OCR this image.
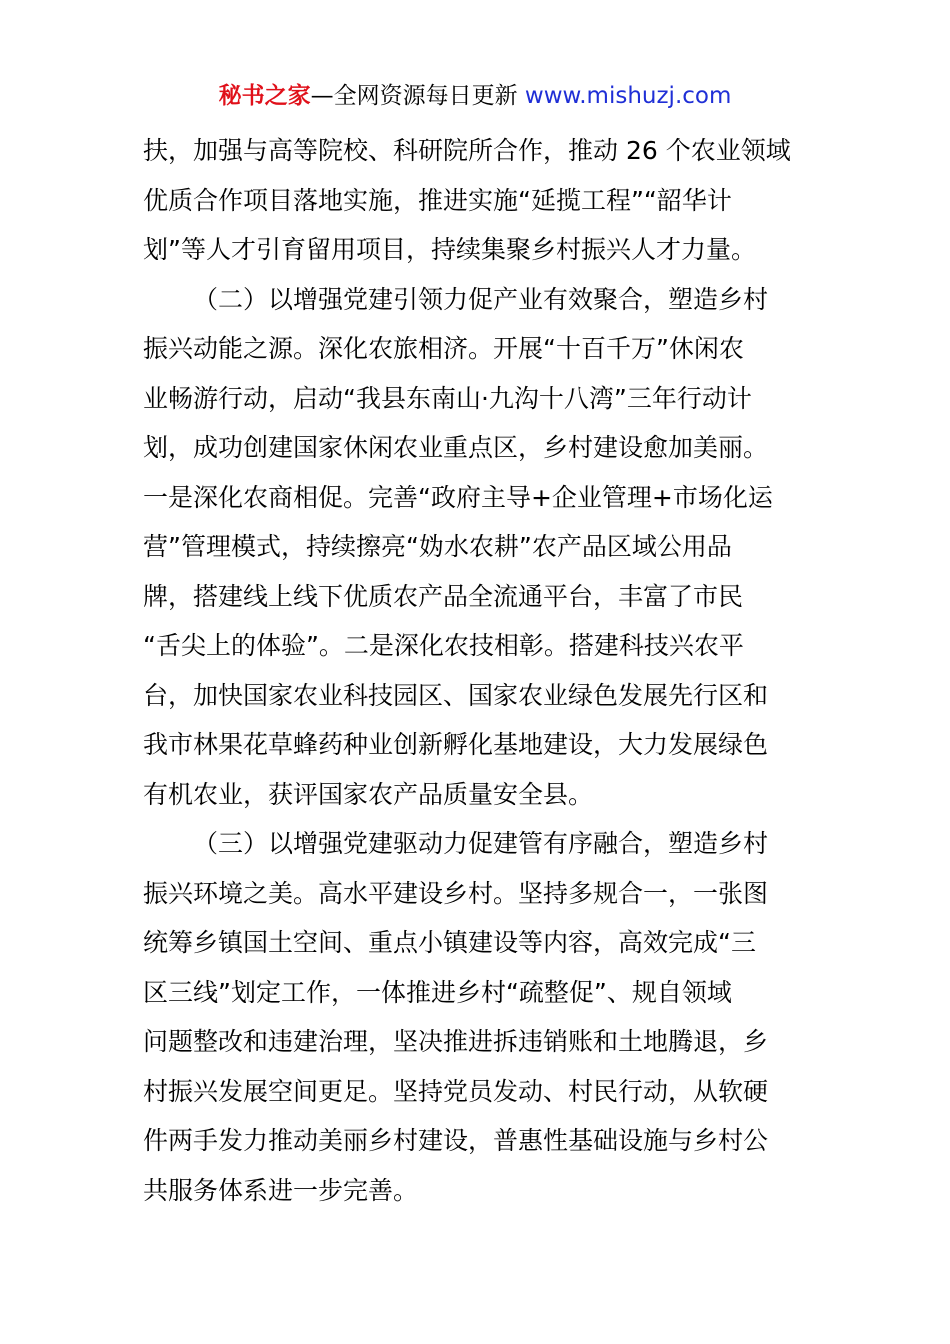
秘书之家—全网资源每日更新 www.mishuzj.com
扶，加强与高等院校、科研院所合作，推动 26 个农业领域
优质合作项目落地实施，推进实施“延揽工程”“韶华计
划”等人才引育留用项目，持续集聚乡村振兴人才力量。
（二）以增强党建引领力促产业有效聚合，塑造乡村
振兴动能之源。深化农旅相济。开展“十百千万”休闲农
业畅游行动，启动“我县东南山·九沟十八湾”三年行动计
划，成功创建国家休闲农业重点区，乡村建设愈加美丽。
一是深化农商相促。完善“政府主导+企业管理+市场化运
营”管理模式，持续擦亮“妫水农耕”农产品区域公用品
牌，搭建线上线下优质农产品全流通平台，丰富了市民
“舌尖上的体验”。二是深化农技相彰。搭建科技兴农平
台，加快国家农业科技园区、国家农业绿色发展先行区和
我市林果花草蜂药种业创新孵化基地建设，大力发展绿色
有机农业，获评国家农产品质量安全县。
（三）以增强党建驱动力促建管有序融合，塑造乡村
振兴环境之美。高水平建设乡村。坚持多规合一，一张图
统筹乡镇国土空间、重点小镇建设等内容，高效完成“三
区三线”划定工作，一体推进乡村“疏整促”、规自领域
问题整改和违建治理，坚决推进拆违销账和土地腾退，乡
村振兴发展空间更足。坚持党员发动、村民行动，从软硬
件两手发力推动美丽乡村建设，普惠性基础设施与乡村公
共服务体系进一步完善。
